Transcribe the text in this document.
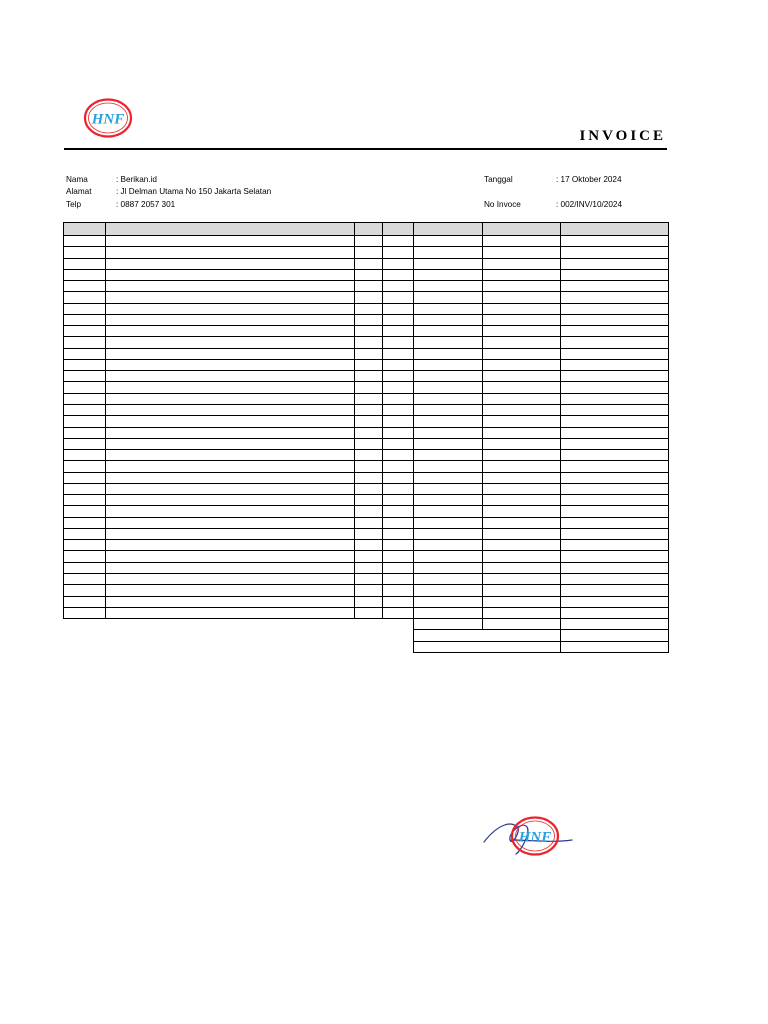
HNF
INVOICE
Nama	: Berikan.id
Alamat	: Jl Delman Utama No 150 Jakarta Selatan
Telp	: 0887 2057 301
Tanggal	: 17 Oktober 2024
No Invoce	: 002/INV/10/2024

HNF
